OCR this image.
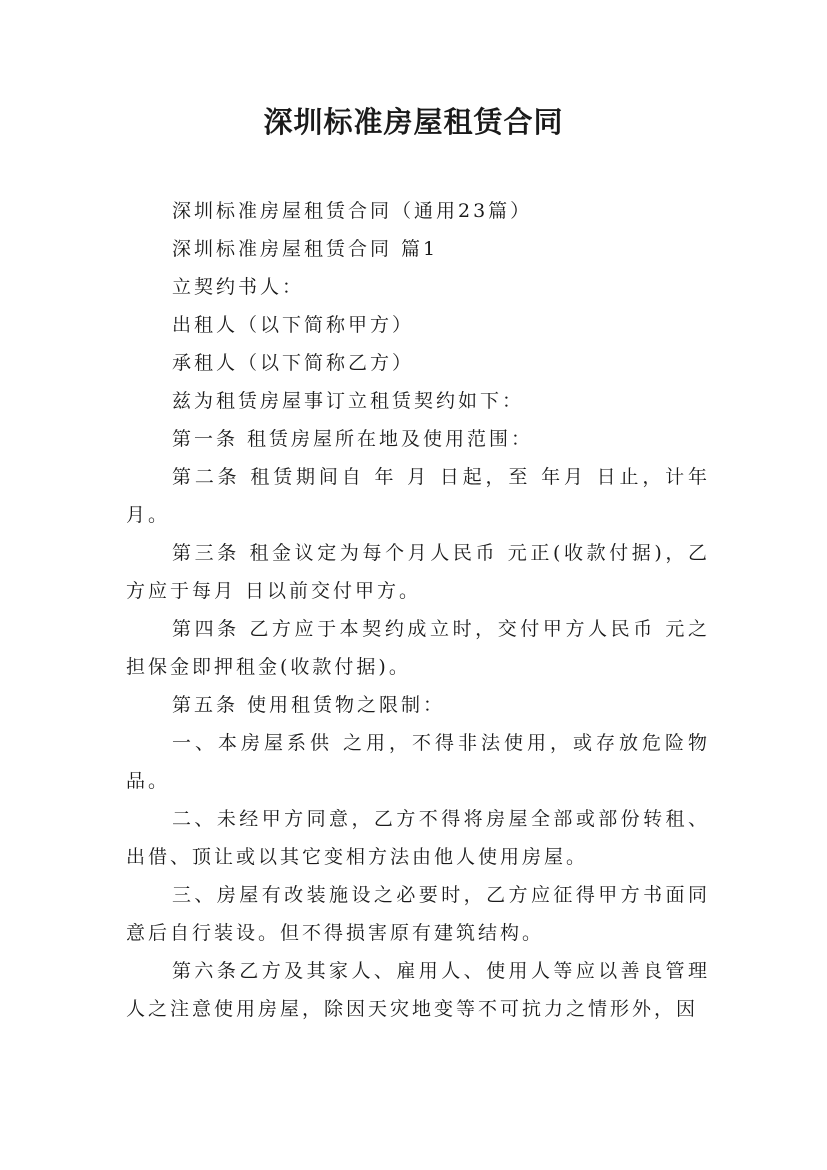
深圳标准房屋租赁合同

深圳标准房屋租赁合同（通用23篇）

深圳标准房屋租赁合同 篇1

立契约书人：

出租人（以下简称甲方）

承租人（以下简称乙方）

兹为租赁房屋事订立租赁契约如下：

第一条 租赁房屋所在地及使用范围：

第二条 租赁期间自 年 月 日起，至 年月 日止，计年 月。

第三条 租金议定为每个月人民币 元正(收款付据)，乙方应于每月 日以前交付甲方。

第四条 乙方应于本契约成立时，交付甲方人民币 元之担保金即押租金(收款付据)。

第五条 使用租赁物之限制：

一、本房屋系供 之用，不得非法使用，或存放危险物品。

二、未经甲方同意，乙方不得将房屋全部或部份转租、出借、顶让或以其它变相方法由他人使用房屋。

三、房屋有改装施设之必要时，乙方应征得甲方书面同意后自行装设。但不得损害原有建筑结构。

第六条乙方及其家人、雇用人、使用人等应以善良管理人之注意使用房屋，除因天灾地变等不可抗力之情形外，因
